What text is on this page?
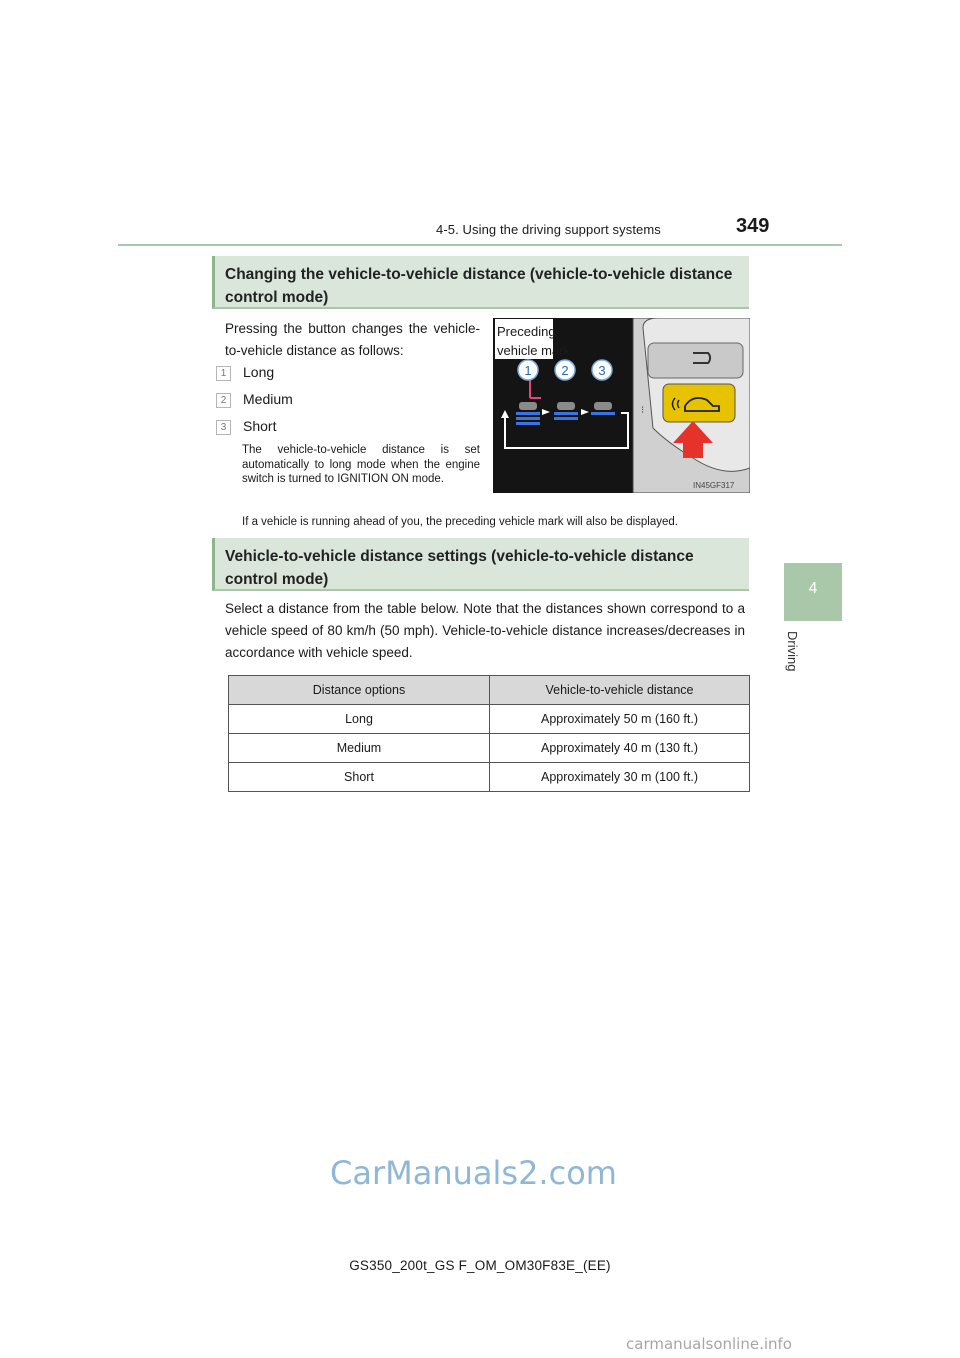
4-5. Using the driving support systems	349
4
Driving
Changing the vehicle-to-vehicle distance (vehicle-to-vehicle distance control mode)
Pressing the button changes the vehicle-to-vehicle distance as follows:
1 Long
2 Medium
3 Short
The vehicle-to-vehicle distance is set automatically to long mode when the engine switch is turned to IGNITION ON mode.
If a vehicle is running ahead of you, the preceding vehicle mark will also be displayed.
⁝
Preceding
vehicle mark
1 2 3
IN45GF317
Vehicle-to-vehicle distance settings (vehicle-to-vehicle distance control mode)
Select a distance from the table below. Note that the distances shown correspond to a vehicle speed of 80 km/h (50 mph). Vehicle-to-vehicle distance increases/decreases in accordance with vehicle speed.
Distance options	Vehicle-to-vehicle distance
Long	Approximately 50 m (160 ft.)
Medium	Approximately 40 m (130 ft.)
Short	Approximately 30 m (100 ft.)
CarManuals2.com
GS350_200t_GS F_OM_OM30F83E_(EE)
carmanualsonline.info
